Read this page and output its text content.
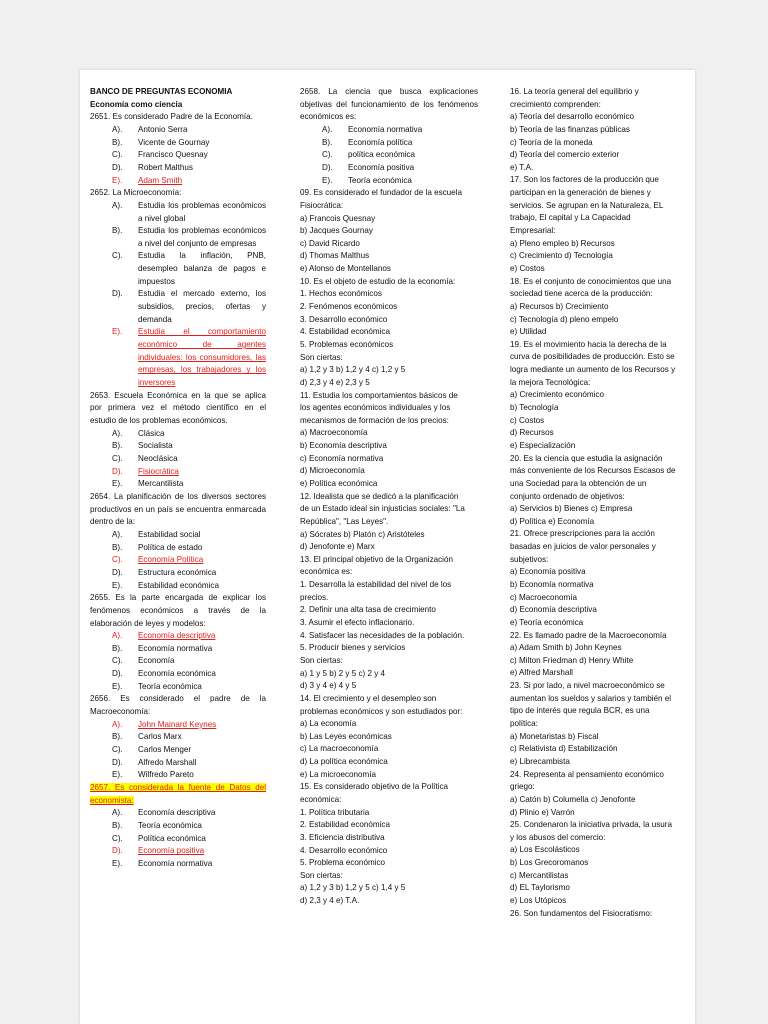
BANCO DE PREGUNTAS ECONOMIA
Economía como ciencia
2651. Es considerado Padre de la Economía.
A).	Antonio Serra
B).	Vicente de Gournay
C).	Francisco Quesnay
D).	Robert Malthus
E).	Adam Smith
2652. La Microeconomía:
A).	Estudia los problemas económicos a nivel global
B).	Estudia los problemas económicos a nivel del conjunto de empresas
C).	Estudia la inflación, PNB, desempleo balanza de pagos e impuestos
D).	Estudia el mercado externo, los subsidios, precios, ofertas y demanda
E).	Estudia el comportamiento económico de agentes individuales: los consumidores, las empresas, los trabajadores y los inversores
2653. Escuela Económica en la que se aplica por primera vez el método científico en el estudio de los problemas económicos.
A).	Clásica
B).	Socialista
C).	Neoclásica
D).	Fisiocrática
E).	Mercantilista
2654. La planificación de los diversos sectores productivos en un país se encuentra enmarcada dentro de la:
A).	Estabilidad social
B).	Política de estado
C).	Economía Política
D).	Estructura económica
E).	Estabilidad económica
2655. Es la parte encargada de explicar los fenómenos económicos a través de la elaboración de leyes y modelos:
A).	Economía descriptiva
B).	Economía normativa
C).	Economía
D).	Economía económica
E).	Teoría económica
2656. Es considerado el padre de la Macroeconomía:
A).	John Mainard Keynes
B).	Carlos Marx
C).	Carlos Menger
D).	Alfredo Marshall
E).	Wilfredo Pareto
2657. Es considerada la fuente de Datos del economista:
A).	Economía descriptiva
B).	Teoría económica
C).	Política económica
D).	Economía positiva
E).	Economía normativa
2658. La ciencia que busca explicaciones objetivas del funcionamiento de los fenómenos económicos es:
A).	Economía normativa
B).	Economía política
C).	política económica
D).	Economía positiva
E).	Teoría económica
09. Es considerado el fundador de la escuela
Fisiocrática:
a) Francois Quesnay
b) Jacques Gournay
c) David Ricardo
d) Thomas Malthus
e) Alonso de Montellanos
10. Es el objeto de estudio de la economía:
1. Hechos económicos
2. Fenómenos económicos
3. Desarrollo económico
4. Estabilidad económica
5. Problemas económicos
Son ciertas:
a) 1,2 y 3 b) 1,2 y 4 c) 1,2 y 5
d) 2,3 y 4 e) 2,3 y 5
11. Estudia los comportamientos básicos de
los agentes económicos individuales y los
mecanismos de formación de los precios:
a) Macroeconomía
b) Economía descriptiva
c) Economía normativa
d) Microeconomía
e) Política económica
12. Idealista que se dedicó a la planificación
de un Estado ideal sin injusticias sociales: "La
República", "Las Leyes".
a) Sócrates b) Platón c) Aristóteles
d) Jenofonte e) Marx
13. El principal objetivo de la Organización
económica es:
1. Desarrolla la estabilidad del nivel de los
precios.
2. Definir una alta tasa de crecimiento
3. Asumir el efecto inflacionario.
4. Satisfacer las necesidades de la población.
5. Producir bienes y servicios
Son ciertas:
a) 1 y 5 b) 2 y 5 c) 2 y 4
d) 3 y 4 e) 4 y 5
14. El crecimiento y el desempleo son
problemas económicos y son estudiados por:
a) La economía
b) Las Leyes económicas
c) La macroeconomía
d) La política económica
e) La microeconomía
15. Es considerado objetivo de la Política
económica:
1. Política tributaria
2. Estabilidad económica
3. Eficiencia distributiva
4. Desarrollo económico
5. Problema económico
Son ciertas:
a) 1,2 y 3 b) 1,2 y 5 c) 1,4 y 5
d) 2,3 y 4 e) T.A.
16. La teoría general del equilibrio y
crecimiento comprenden:
a) Teoría del desarrollo económico
b) Teoría de las finanzas públicas
c) Teoría de la moneda
d) Teoría del comercio exterior
e) T.A.
17. Son los factores de la producción que
participan en la generación de bienes y
servicios. Se agrupan en la Naturaleza, EL
trabajo, El capital y La Capacidad
Empresarial:
a) Pleno empleo b) Recursos
c) Crecimiento d) Tecnología
e) Costos
18. Es el conjunto de conocimientos que una
sociedad tiene acerca de la producción:
a) Recursos b) Crecimiento
c) Tecnología d) pleno empelo
e) Utilidad
19. Es el movimiento hacia la derecha de la
curva de posibilidades de producción. Esto se
logra mediante un aumento de los Recursos y
la mejora Tecnológica:
a) Crecimiento económico
b) Tecnología
c) Costos
d) Recursos
e) Especialización
20. Es la ciencia que estudia la asignación
más conveniente de los Recursos Escasos de
una Sociedad para la obtención de un
conjunto ordenado de objetivos:
a) Servicios b) Bienes c) Empresa
d) Política e) Economía
21. Ofrece prescripciones para la acción
basadas en juicios de valor personales y
subjetivos:
a) Economía positiva
b) Economía normativa
c) Macroeconomía
d) Economía descriptiva
e) Teoría económica
22. Es llamado padre de la Macroeconomía
a) Adam Smith b) John Keynes
c) Milton Friedman d) Henry White
e) Alfred Marshall
23. Si por lado, a nivel macroeconómico se
aumentan los sueldos y salarios y también el
tipo de interés que regula BCR, es una
política:
a) Monetaristas b) Fiscal
c) Relativista d) Estabilización
e) Librecambista
24. Representa al pensamiento económico
griego:
a) Catón b) Columella c) Jenofonte
d) Plinio e) Varrón
25. Condenaron la iniciativa privada, la usura
y los abusos del comercio:
a) Los Escolásticos
b) Los Grecoromanos
c) Mercantilistas
d) EL Taylorismo
e) Los Utópicos
26. Son fundamentos del Fisiocratismo:
